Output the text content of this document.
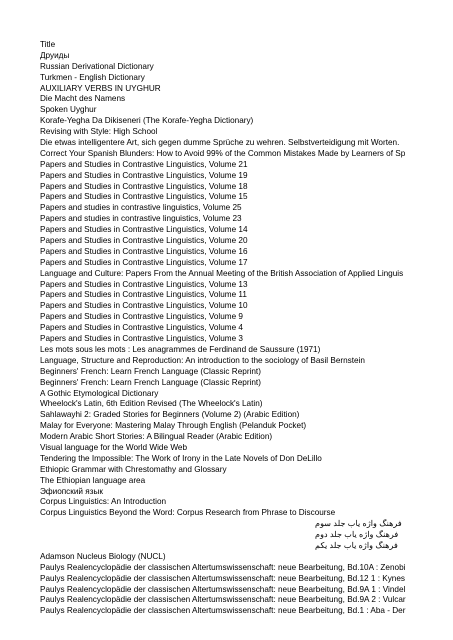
Title
Друиды
Russian Derivational Dictionary
Turkmen - English Dictionary
AUXILIARY VERBS IN UYGHUR
Die Macht des Namens
Spoken Uyghur
Korafe-Yegha Da Dikiseneri (The Korafe-Yegha Dictionary)
Revising with Style: High School
Die etwas intelligentere Art, sich gegen dumme Sprüche zu wehren. Selbstverteidigung mit Worten.
Correct Your Spanish Blunders: How to Avoid 99% of the Common Mistakes Made by Learners of Sp
Papers and Studies in Contrastive Linguistics, Volume 21
Papers and Studies in Contrastive Linguistics, Volume 19
Papers and Studies in Contrastive Linguistics, Volume 18
Papers and Studies in Contrastive Linguistics, Volume 15
Papers and studies in contrastive linguistics, Volume 25
Papers and studies in contrastive linguistics, Volume 23
Papers and Studies in Contrastive Linguistics, Volume 14
Papers and Studies in Contrastive Linguistics, Volume 20
Papers and Studies in Contrastive Linguistics, Volume 16
Papers and Studies in Contrastive Linguistics, Volume 17
Language and Culture: Papers From the Annual Meeting of the British Association of Applied Linguis
Papers and Studies in Contrastive Linguistics, Volume 13
Papers and Studies in Contrastive Linguistics, Volume 11
Papers and Studies in Contrastive Linguistics, Volume 10
Papers and Studies in Contrastive Linguistics, Volume 9
Papers and Studies in Contrastive Linguistics, Volume 4
Papers and Studies in Contrastive Linguistics, Volume 3
Les mots sous les mots : Les anagrammes de Ferdinand de Saussure (1971)
Language, Structure and Reproduction: An introduction to the sociology of Basil Bernstein
Beginners' French: Learn French Language (Classic Reprint)
Beginners' French: Learn French Language (Classic Reprint)
A Gothic Etymological Dictionary
Wheelock's Latin, 6th Edition Revised (The Wheelock's Latin)
Sahlawayhi 2: Graded Stories for Beginners (Volume 2) (Arabic Edition)
Malay for Everyone: Mastering Malay Through English (Pelanduk Pocket)
Modern Arabic Short Stories: A Bilingual Reader (Arabic Edition)
Visual language for the World Wide Web
Tendering the Impossible: The Work of Irony in the Late Novels of Don DeLillo
Ethiopic Grammar with Chrestomathy and Glossary
The Ethiopian language area
Эфиопский язык
Corpus Linguistics: An Introduction
Corpus Linguistics Beyond the Word: Corpus Research from Phrase to Discourse
فرهنگ واژه یاب جلد سوم
فرهنگ واژه یاب جلد دوم
فرهنگ واژه یاب جلد یکم
Adamson Nucleus Biology (NUCL)
Paulys Realencyclopädie der classischen Altertumswissenschaft: neue Bearbeitung, Bd.10A : Zenobi
Paulys Realencyclopädie der classischen Altertumswissenschaft: neue Bearbeitung, Bd.12 1 : Kynes
Paulys Realencyclopädie der classischen Altertumswissenschaft: neue Bearbeitung, Bd.9A 1 : Vindel
Paulys Realencyclopädie der classischen Altertumswissenschaft: neue Bearbeitung, Bd.9A 2 : Vulcar
Paulys Realencyclopädie der classischen Altertumswissenschaft: neue Bearbeitung, Bd.1 : Aba - Der
